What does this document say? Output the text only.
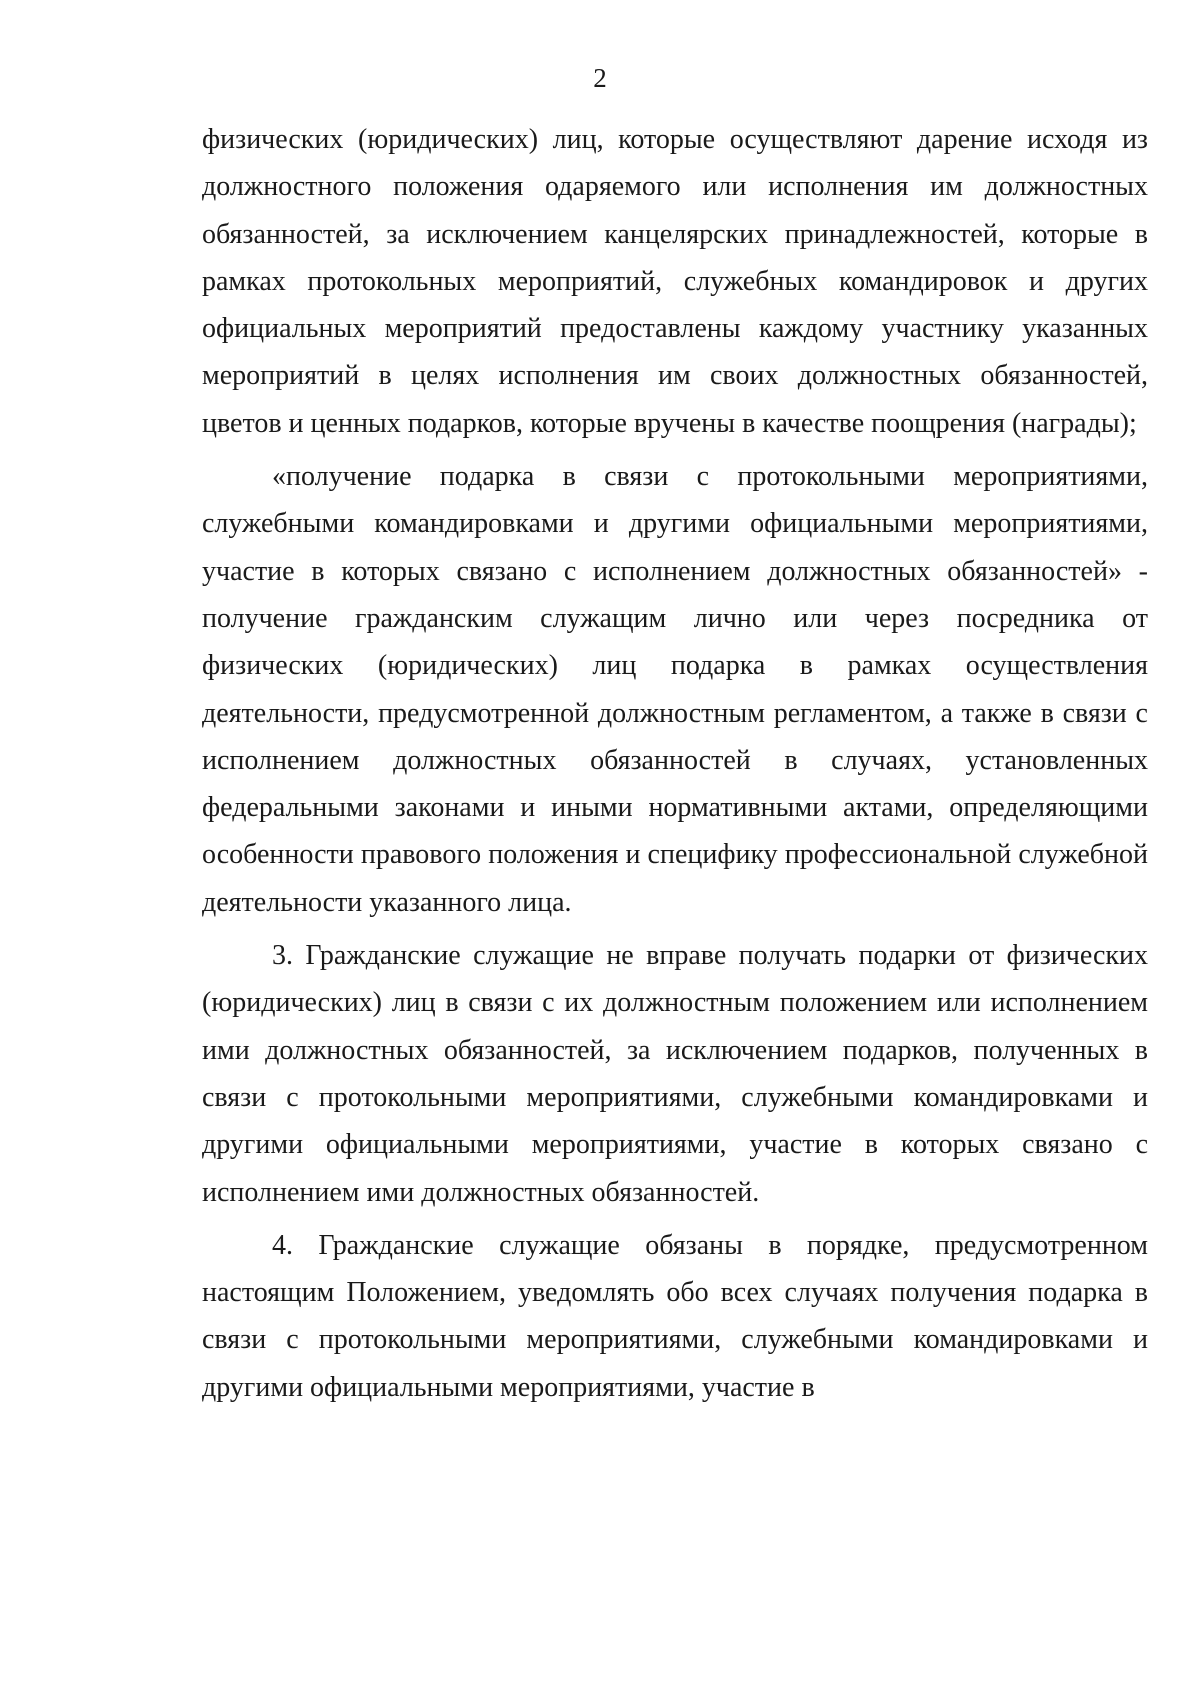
2

физических (юридических) лиц, которые осуществляют дарение исходя из должностного положения одаряемого или исполнения им должностных обязанностей, за исключением канцелярских принадлежностей, которые в рамках протокольных мероприятий, служебных командировок и других официальных мероприятий предоставлены каждому участнику указанных мероприятий в целях исполнения им своих должностных обязанностей, цветов и ценных подарков, которые вручены в качестве поощрения (награды);

«получение подарка в связи с протокольными мероприятиями, служебными командировками и другими официальными мероприятиями, участие в которых связано с исполнением должностных обязанностей» - получение гражданским служащим лично или через посредника от физических (юридических) лиц подарка в рамках осуществления деятельности, предусмотренной должностным регламентом, а также в связи с исполнением должностных обязанностей в случаях, установленных федеральными законами и иными нормативными актами, определяющими особенности правового положения и специфику профессиональной служебной деятельности указанного лица.

3. Гражданские служащие не вправе получать подарки от физических (юридических) лиц в связи с их должностным положением или исполнением ими должностных обязанностей, за исключением подарков, полученных в связи с протокольными мероприятиями, служебными командировками и другими официальными мероприятиями, участие в которых связано с исполнением ими должностных обязанностей.

4. Гражданские служащие обязаны в порядке, предусмотренном настоящим Положением, уведомлять обо всех случаях получения подарка в связи с протокольными мероприятиями, служебными командировками и другими официальными мероприятиями, участие в
